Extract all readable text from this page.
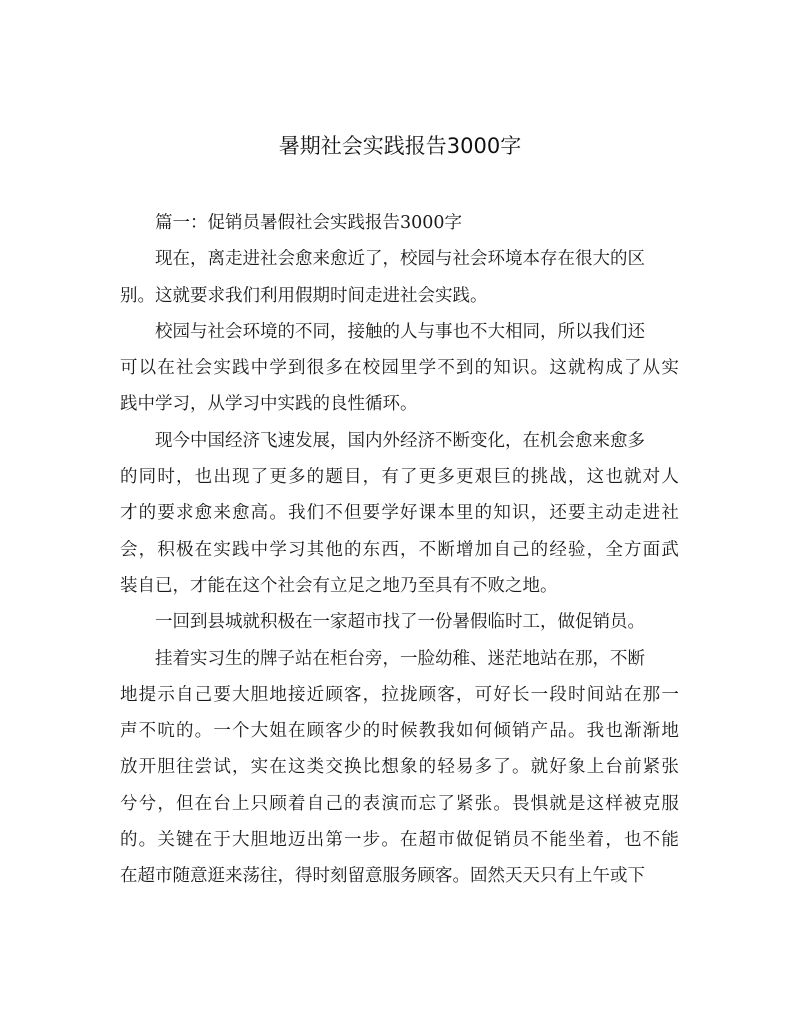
暑期社会实践报告3000字

篇一：促销员暑假社会实践报告3000字

现在，离走进社会愈来愈近了，校园与社会环境本存在很大的区
别。这就要求我们利用假期时间走进社会实践。

校园与社会环境的不同，接触的人与事也不大相同，所以我们还
可以在社会实践中学到很多在校园里学不到的知识。这就构成了从实
践中学习，从学习中实践的良性循环。

现今中国经济飞速发展，国内外经济不断变化，在机会愈来愈多
的同时，也出现了更多的题目，有了更多更艰巨的挑战，这也就对人
才的要求愈来愈高。我们不但要学好课本里的知识，还要主动走进社
会，积极在实践中学习其他的东西，不断增加自己的经验，全方面武
装自已，才能在这个社会有立足之地乃至具有不败之地。

一回到县城就积极在一家超市找了一份暑假临时工，做促销员。

挂着实习生的牌子站在柜台旁，一脸幼稚、迷茫地站在那，不断
地提示自己要大胆地接近顾客，拉拢顾客，可好长一段时间站在那一
声不吭的。一个大姐在顾客少的时候教我如何倾销产品。我也渐渐地
放开胆往尝试，实在这类交换比想象的轻易多了。就好象上台前紧张
兮兮，但在台上只顾着自己的表演而忘了紧张。畏惧就是这样被克服
的。关键在于大胆地迈出第一步。在超市做促销员不能坐着，也不能
在超市随意逛来荡往，得时刻留意服务顾客。固然天天只有上午或下
